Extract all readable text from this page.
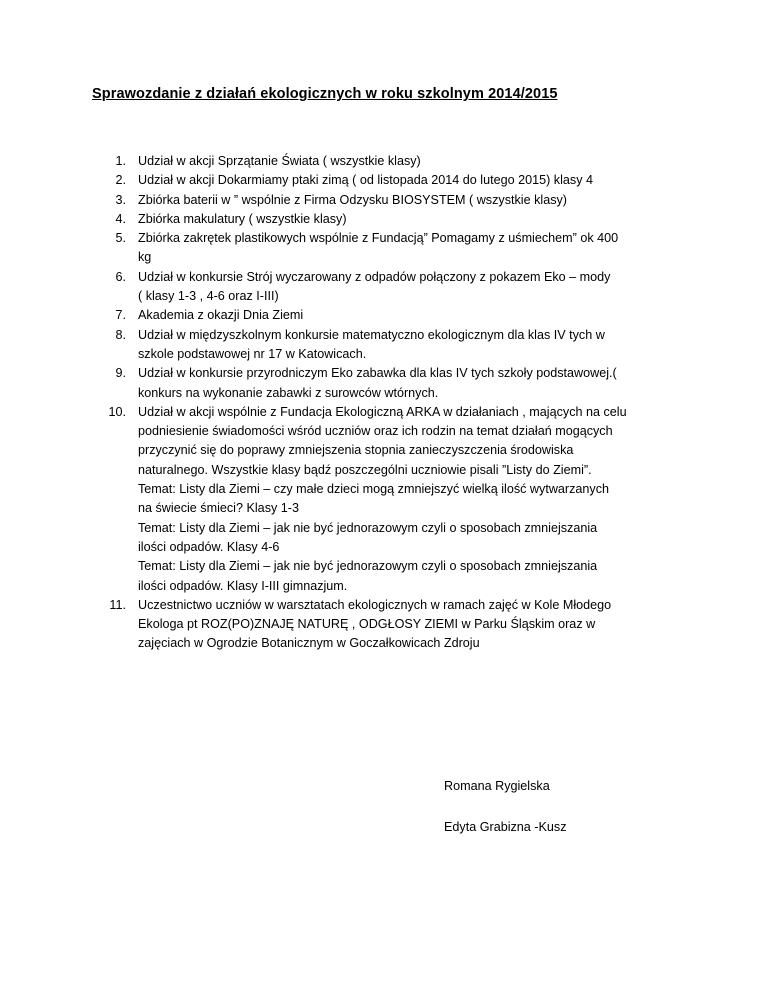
Sprawozdanie z działań ekologicznych w roku szkolnym 2014/2015
1. Udział w akcji Sprzątanie Świata ( wszystkie klasy)
2. Udział w akcji Dokarmiamy ptaki zimą ( od listopada 2014 do lutego 2015) klasy 4
3. Zbiórka baterii w ” wspólnie z Firma Odzysku BIOSYSTEM ( wszystkie klasy)
4. Zbiórka makulatury ( wszystkie klasy)
5. Zbiórka zakrętek plastikowych wspólnie z Fundacją” Pomagamy z uśmiechem” ok 400
kg
6. Udział w konkursie Strój wyczarowany z odpadów połączony z pokazem Eko – mody
( klasy 1-3 , 4-6 oraz I-III)
7. Akademia z okazji Dnia Ziemi
8. Udział w międzyszkolnym konkursie matematyczno ekologicznym dla klas IV tych w
szkole podstawowej nr 17 w Katowicach.
9. Udział w konkursie przyrodniczym Eko zabawka dla klas IV tych szkoły podstawowej.(
konkurs na wykonanie zabawki z surowców wtórnych.
10. Udział w akcji wspólnie z Fundacja Ekologiczną ARKA w działaniach , mających na celu
podniesienie świadomości wśród uczniów oraz ich rodzin na temat działań mogących
przyczynić się do poprawy zmniejszenia stopnia zanieczyszczenia środowiska
naturalnego. Wszystkie klasy bądź poszczególni uczniowie pisali ”Listy do Ziemi”.
Temat: Listy dla Ziemi – czy małe dzieci mogą zmniejszyć wielką ilość wytwarzanych
na świecie śmieci? Klasy 1-3
Temat: Listy dla Ziemi – jak nie być jednorazowym czyli o sposobach zmniejszania
ilości odpadów. Klasy 4-6
Temat: Listy dla Ziemi – jak nie być jednorazowym czyli o sposobach zmniejszania
ilości odpadów. Klasy I-III gimnazjum.
11. Uczestnictwo uczniów w warsztatach ekologicznych w ramach zajęć w Kole Młodego
Ekologa pt ROZ(PO)ZNAJĘ NATURĘ , ODGŁOSY ZIEMI w Parku Śląskim oraz w
zajęciach w Ogrodzie Botanicznym w Goczałkowicach Zdroju
Romana Rygielska
Edyta Grabizna -Kusz
